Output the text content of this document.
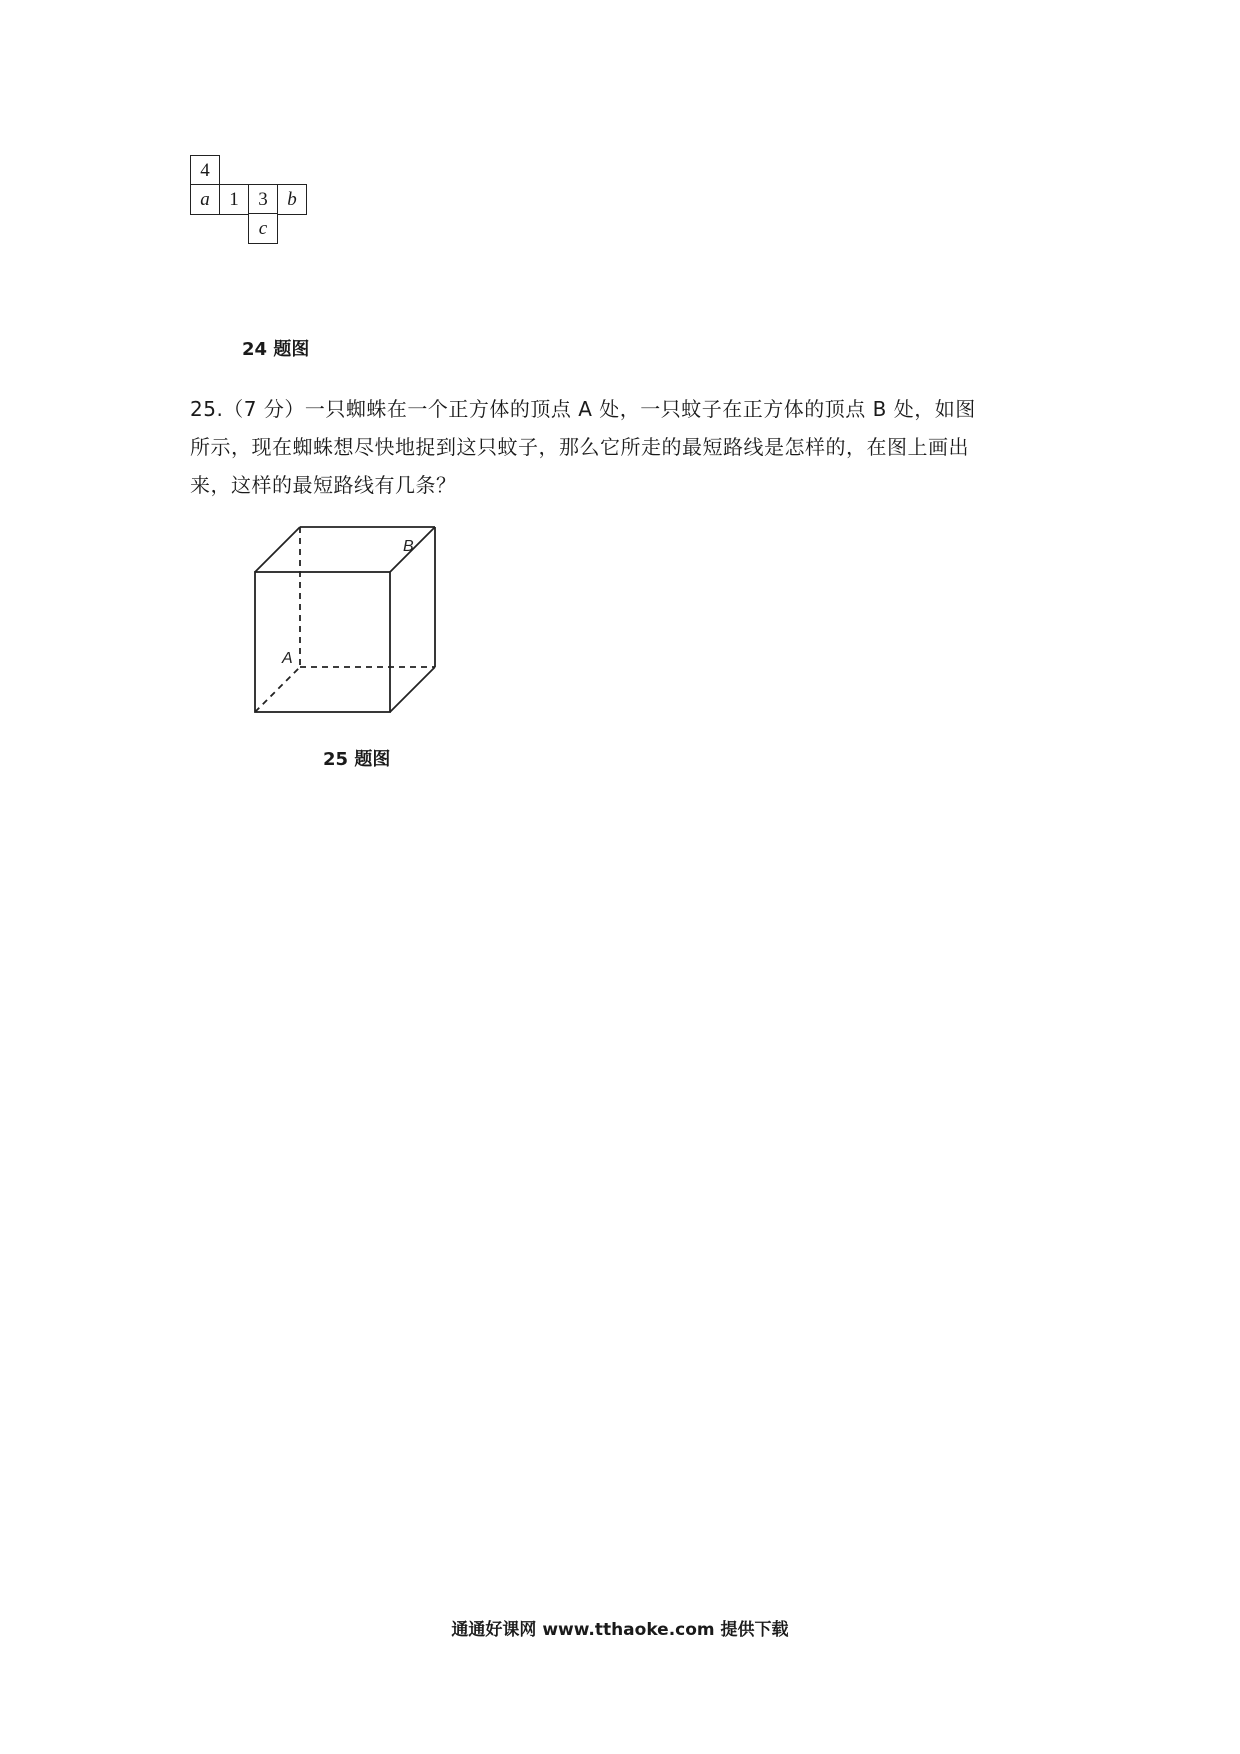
4
a	1	3	b
c
24 题图
25.（7 分）一只蜘蛛在一个正方体的顶点 A 处，一只蚊子在正方体的顶点 B 处，如图
所示，现在蜘蛛想尽快地捉到这只蚊子，那么它所走的最短路线是怎样的，在图上画出
来，这样的最短路线有几条？
A
B
25 题图
通通好课网 www.tthaoke.com 提供下载
